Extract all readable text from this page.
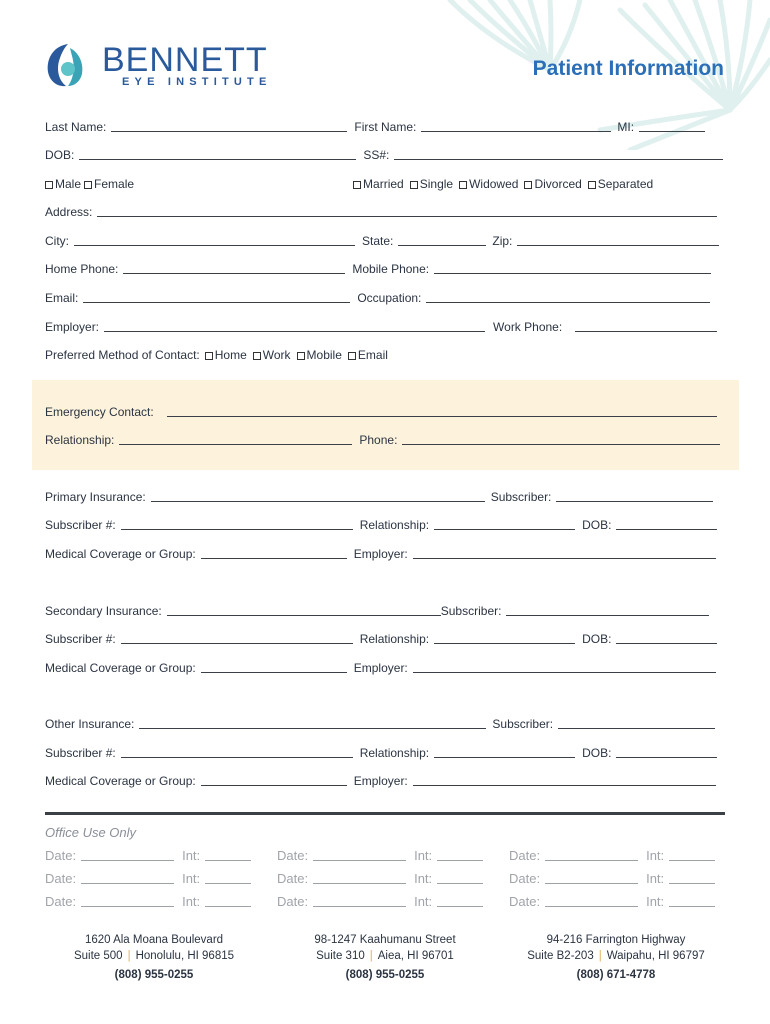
BENNETT
EYE INSTITUTE
Patient Information
Last Name:	First Name:	MI:
DOB:	SS#:
Male	Female	Married	Single	Widowed	Divorced	Separated
Address:
City:	State:	Zip:
Home Phone:	Mobile Phone:
Email:	Occupation:
Employer:	Work Phone:
Preferred Method of Contact:	Home	Work	Mobile	Email
Emergency Contact:
Relationship:	Phone:
Primary Insurance:	Subscriber:
Subscriber #:	Relationship:	DOB:
Medical Coverage or Group:	Employer:
Secondary Insurance:	Subscriber:
Subscriber #:	Relationship:	DOB:
Medical Coverage or Group:	Employer:
Other Insurance:	Subscriber:
Subscriber #:	Relationship:	DOB:
Medical Coverage or Group:	Employer:
Office Use Only
Date:	Int:	Date:	Int:	Date:	Int:
Date:	Int:	Date:	Int:	Date:	Int:
Date:	Int:	Date:	Int:	Date:	Int:
1620 Ala Moana Boulevard
Suite 500 | Honolulu, HI 96815
(808) 955-0255
98-1247 Kaahumanu Street
Suite 310 | Aiea, HI 96701
(808) 955-0255
94-216 Farrington Highway
Suite B2-203 | Waipahu, HI 96797
(808) 671-4778
